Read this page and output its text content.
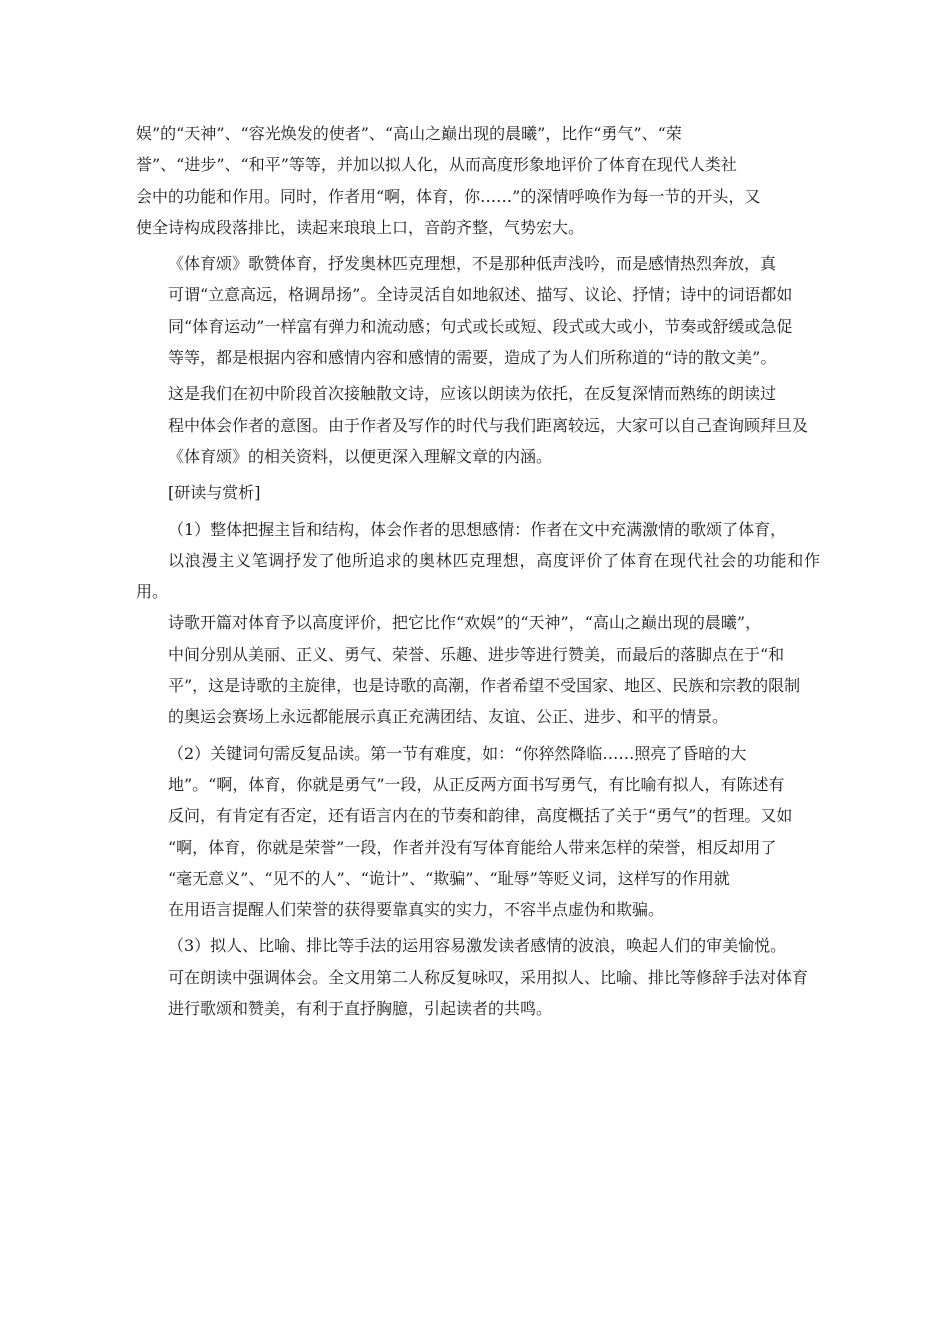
娱”的“天神”、“容光焕发的使者”、“高山之巅出现的晨曦”，比作“勇气”、“荣
誉”、“进步”、“和平”等等，并加以拟人化，从而高度形象地评价了体育在现代人类社
会中的功能和作用。同时，作者用“啊，体育，你……”的深情呼唤作为每一节的开头，又
使全诗构成段落排比，读起来琅琅上口，音韵齐整，气势宏大。
《体育颂》歌赞体育，抒发奥林匹克理想，不是那种低声浅吟，而是感情热烈奔放，真
可谓“立意高远，格调昂扬”。全诗灵活自如地叙述、描写、议论、抒情；诗中的词语都如
同“体育运动”一样富有弹力和流动感；句式或长或短、段式或大或小，节奏或舒缓或急促
等等，都是根据内容和感情内容和感情的需要，造成了为人们所称道的“诗的散文美”。
这是我们在初中阶段首次接触散文诗，应该以朗读为依托，在反复深情而熟练的朗读过
程中体会作者的意图。由于作者及写作的时代与我们距离较远，大家可以自己查询顾拜旦及
《体育颂》的相关资料，以便更深入理解文章的内涵。
[研读与赏析]
（1）整体把握主旨和结构，体会作者的思想感情：作者在文中充满激情的歌颂了体育，
以浪漫主义笔调抒发了他所追求的奥林匹克理想，高度评价了体育在现代社会的功能和作用。
诗歌开篇对体育予以高度评价，把它比作“欢娱”的“天神”，“高山之巅出现的晨曦”，
中间分别从美丽、正义、勇气、荣誉、乐趣、进步等进行赞美，而最后的落脚点在于“和
平”，这是诗歌的主旋律，也是诗歌的高潮，作者希望不受国家、地区、民族和宗教的限制
的奥运会赛场上永远都能展示真正充满团结、友谊、公正、进步、和平的情景。
（2）关键词句需反复品读。第一节有难度，如：“你猝然降临……照亮了昏暗的大
地”。“啊，体育，你就是勇气”一段，从正反两方面书写勇气，有比喻有拟人，有陈述有
反问，有肯定有否定，还有语言内在的节奏和韵律，高度概括了关于“勇气”的哲理。又如
“啊，体育，你就是荣誉”一段，作者并没有写体育能给人带来怎样的荣誉，相反却用了
“毫无意义”、“见不的人”、“诡计”、“欺骗”、“耻辱”等贬义词，这样写的作用就
在用语言提醒人们荣誉的获得要靠真实的实力，不容半点虚伪和欺骗。
（3）拟人、比喻、排比等手法的运用容易激发读者感情的波浪，唤起人们的审美愉悦。
可在朗读中强调体会。全文用第二人称反复咏叹，采用拟人、比喻、排比等修辞手法对体育
进行歌颂和赞美，有利于直抒胸臆，引起读者的共鸣。
